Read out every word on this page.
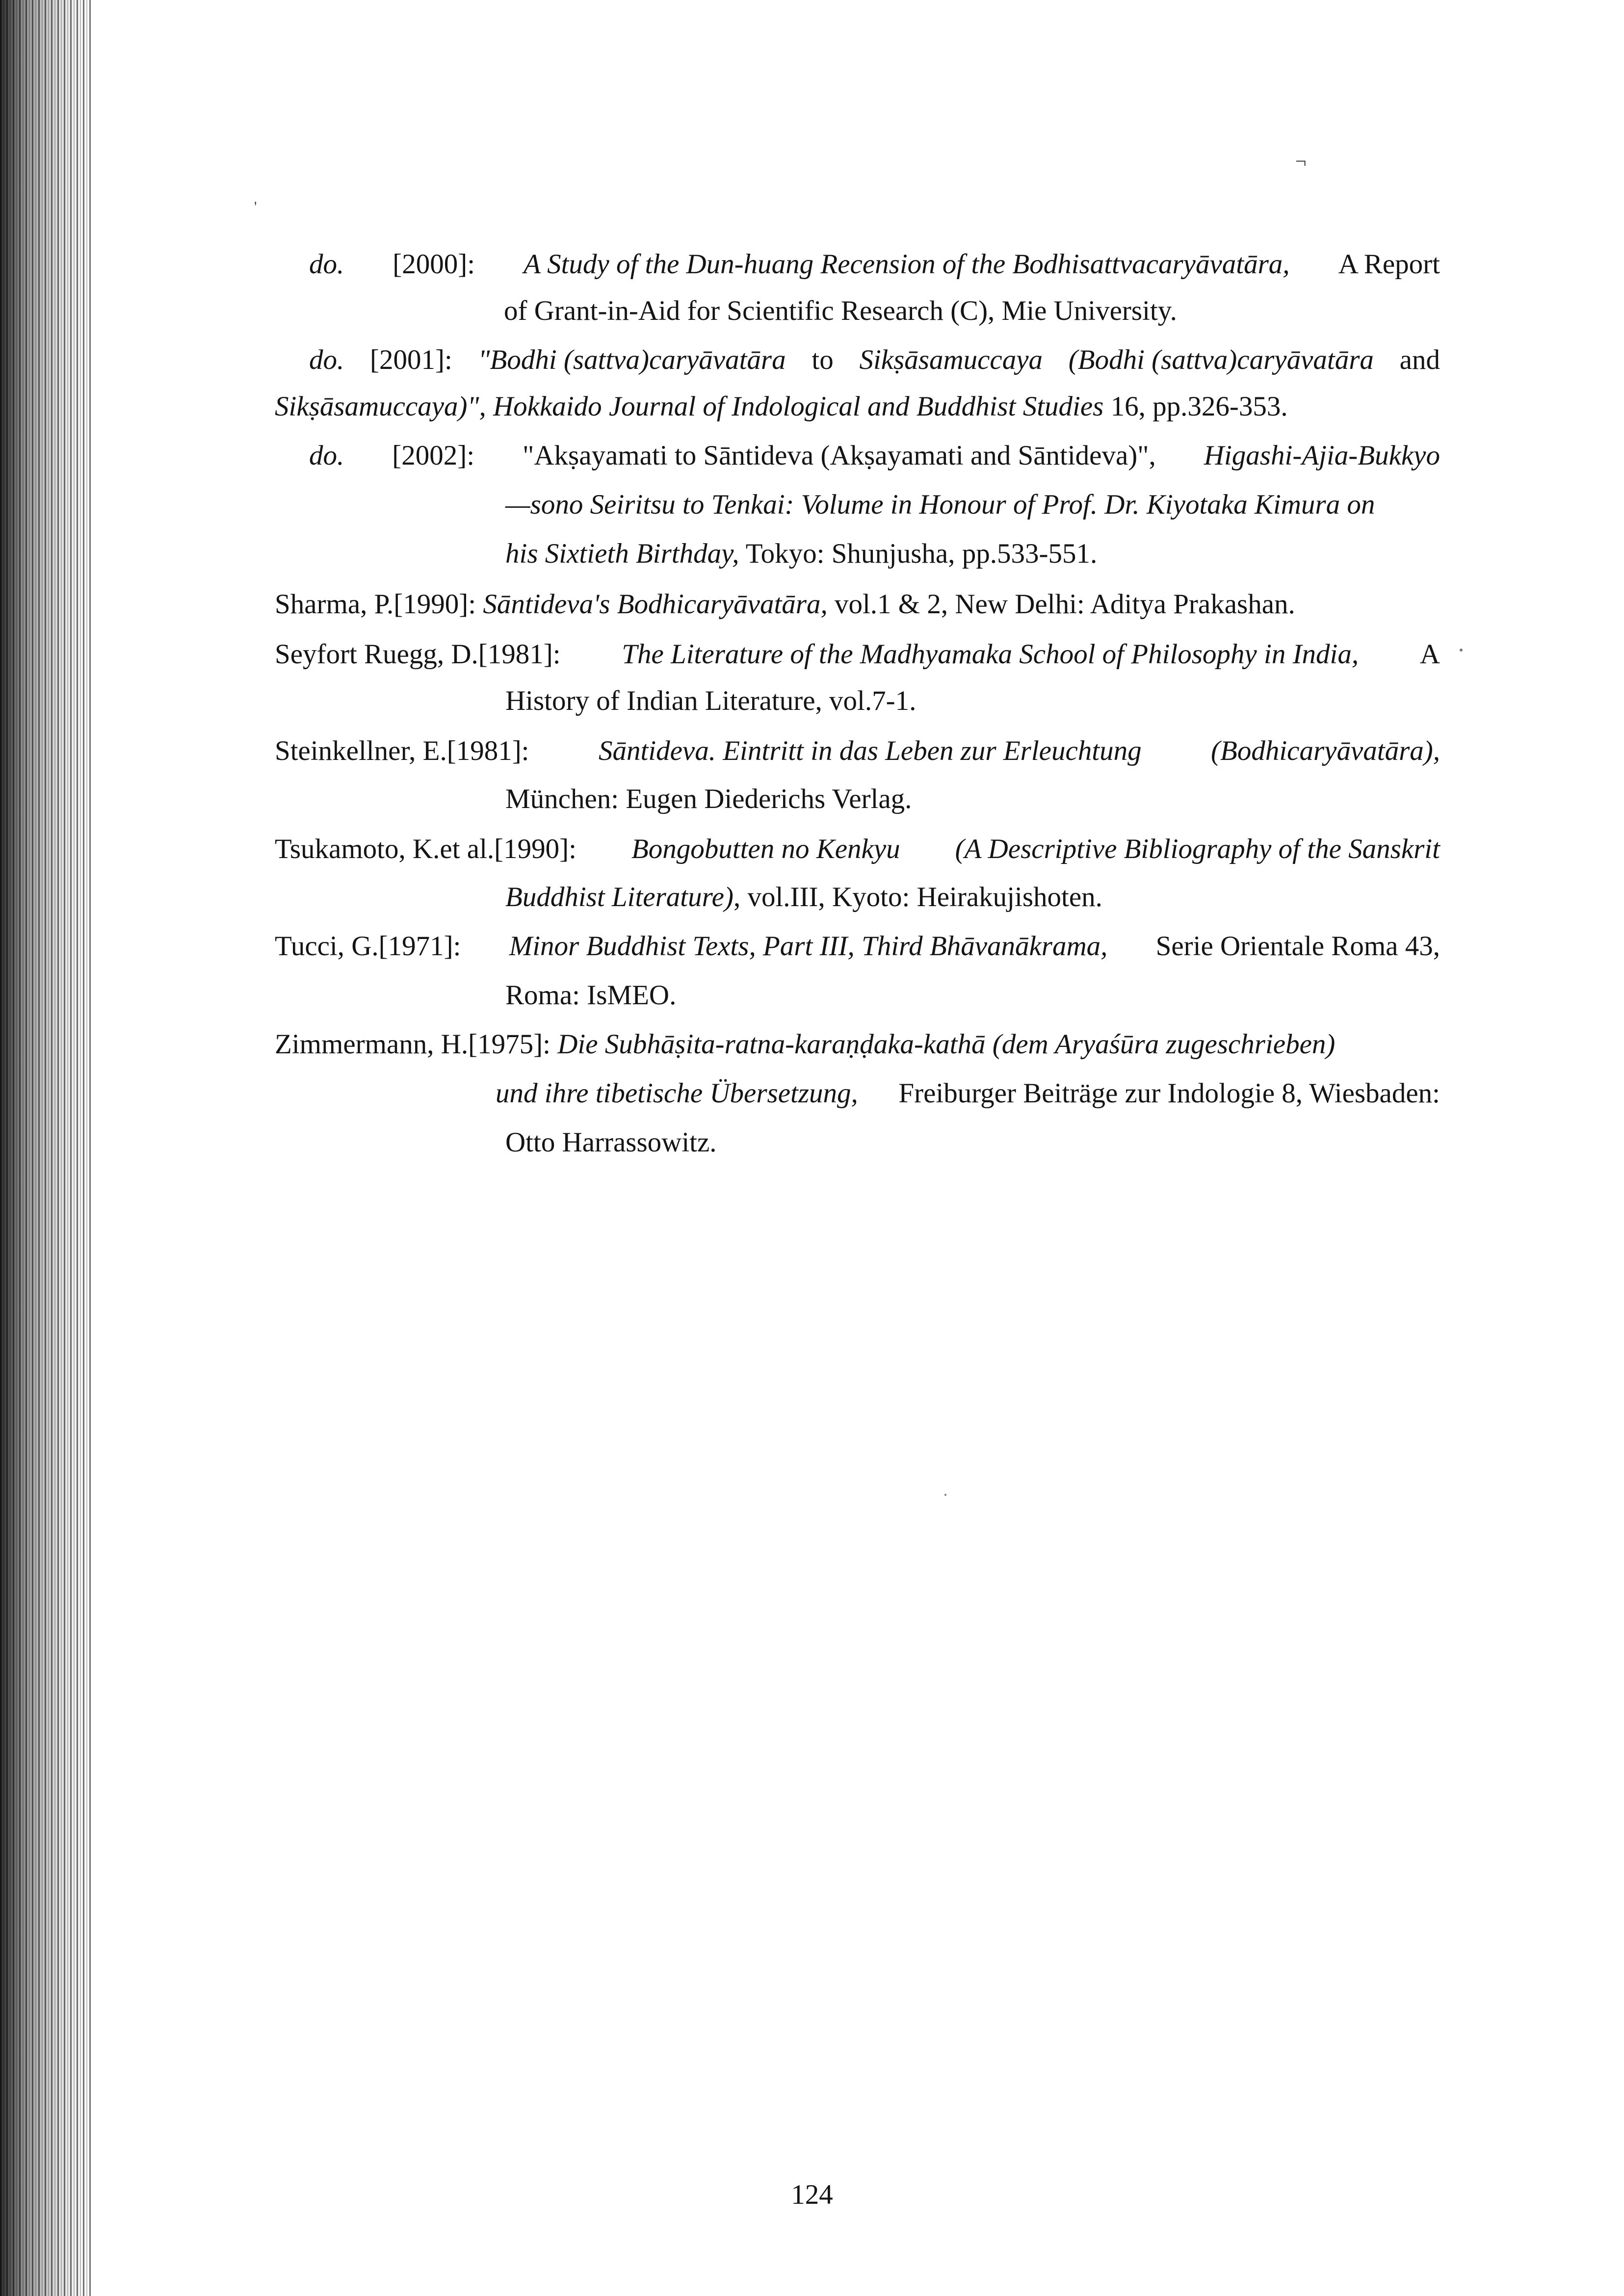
¬
'
do. [2000]: A Study of the Dun-huang Recension of the Bodhisattvacaryāvatāra, A Report
of Grant-in-Aid for Scientific Research (C), Mie University.
do. [2001]: "Bodhi (sattva)caryāvatāra to Sikṣāsamuccaya (Bodhi (sattva)caryāvatāra and
Sikṣāsamuccaya)", Hokkaido Journal of Indological and Buddhist Studies 16, pp.326-353.
do. [2002]: "Akṣayamati to Sāntideva (Akṣayamati and Sāntideva)", Higashi-Ajia-Bukkyo
—sono Seiritsu to Tenkai: Volume in Honour of Prof. Dr. Kiyotaka Kimura on
his Sixtieth Birthday, Tokyo: Shunjusha, pp.533-551.
Sharma, P.[1990]: Sāntideva's Bodhicaryāvatāra, vol.1 & 2, New Delhi: Aditya Prakashan.
Seyfort Ruegg, D.[1981]: The Literature of the Madhyamaka School of Philosophy in India, A
History of Indian Literature, vol.7-1.
Steinkellner, E.[1981]: Sāntideva. Eintritt in das Leben zur Erleuchtung (Bodhicaryāvatāra),
München: Eugen Diederichs Verlag.
Tsukamoto, K.et al.[1990]: Bongobutten no Kenkyu (A Descriptive Bibliography of the Sanskrit
Buddhist Literature), vol.III, Kyoto: Heirakujishoten.
Tucci, G.[1971]: Minor Buddhist Texts, Part III, Third Bhāvanākrama, Serie Orientale Roma 43,
Roma: IsMEO.
Zimmermann, H.[1975]: Die Subhāṣita-ratna-karaṇḍaka-kathā (dem Aryaśūra zugeschrieben)
und ihre tibetische Übersetzung, Freiburger Beiträge zur Indologie 8, Wiesbaden:
Otto Harrassowitz.
124
